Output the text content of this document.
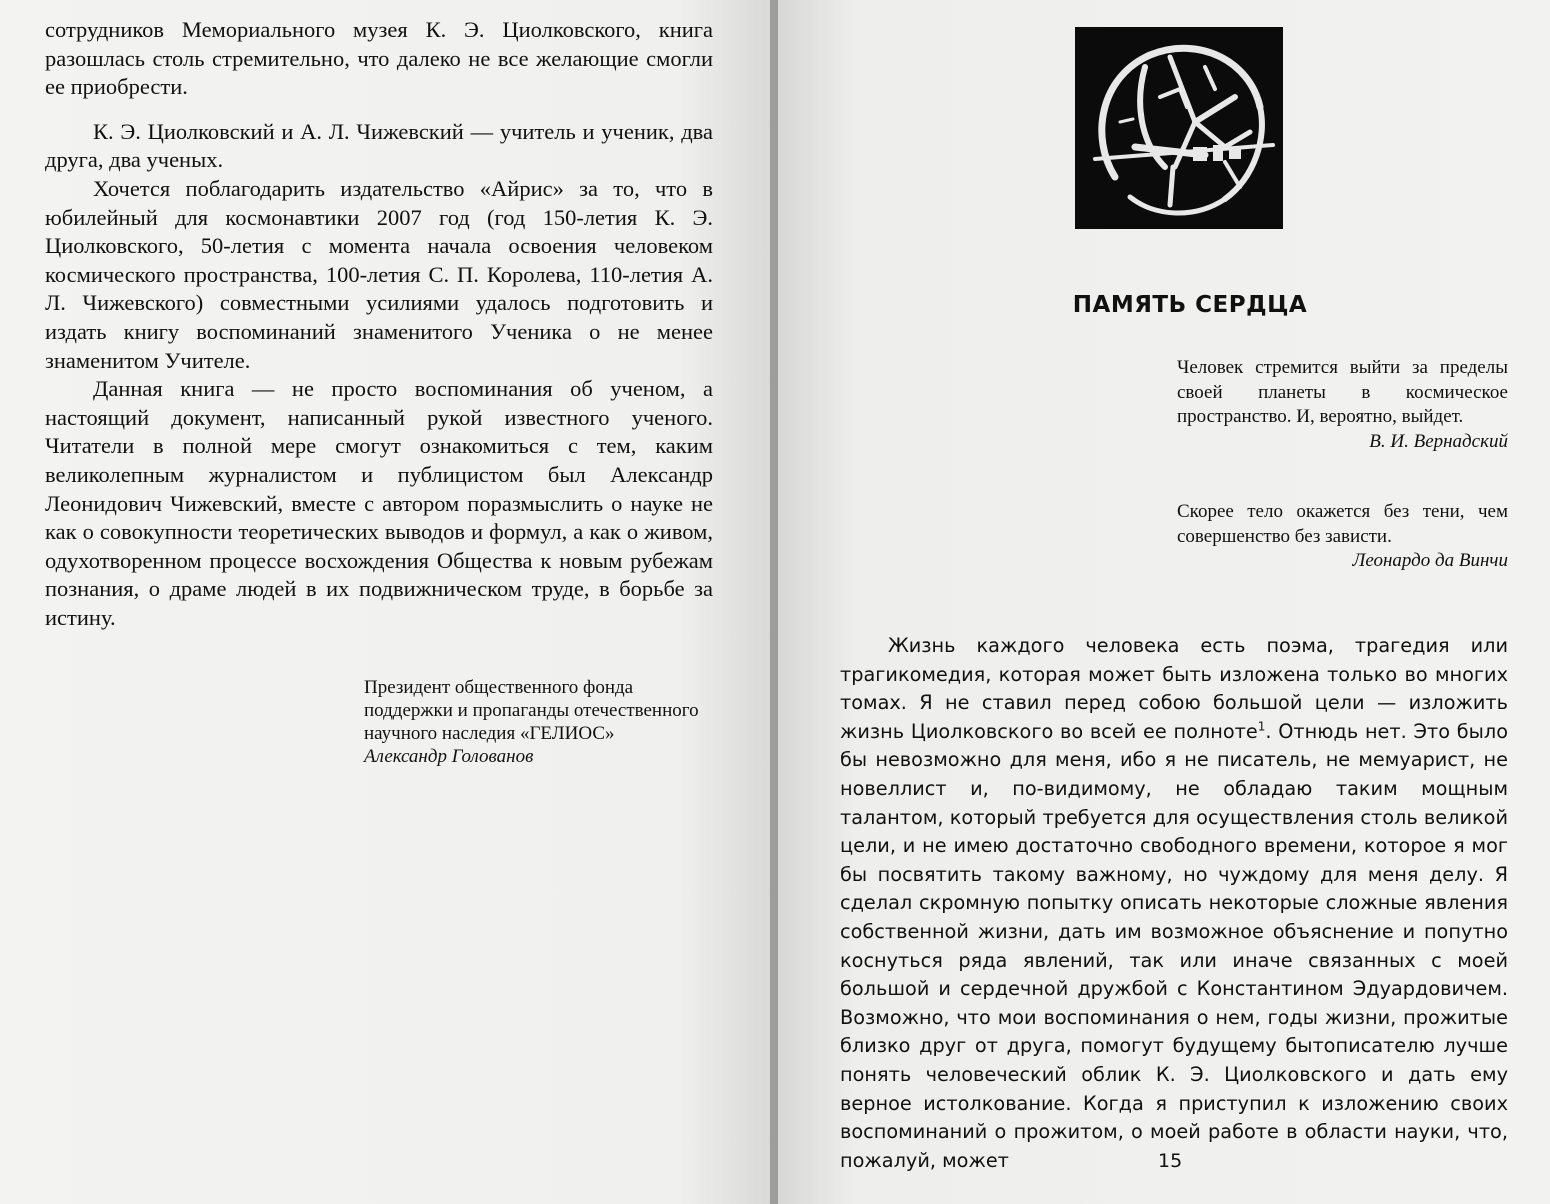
сотрудников Мемориального музея К. Э. Циолковского, книга разошлась столь стремительно, что далеко не все желающие смогли ее приобрести.

К. Э. Циолковский и А. Л. Чижевский — учитель и ученик, два друга, два ученых.

Хочется поблагодарить издательство «Айрис» за то, что в юбилейный для космонавтики 2007 год (год 150-летия К. Э. Циолковского, 50-летия с момента начала освоения человеком космического пространства, 100-летия С. П. Королева, 110-летия А. Л. Чижевского) совместными усилиями удалось подготовить и издать книгу воспоминаний знаменитого Ученика о не менее знаменитом Учителе.

Данная книга — не просто воспоминания об ученом, а настоящий документ, написанный рукой известного ученого. Читатели в полной мере смогут ознакомиться с тем, каким великолепным журналистом и публицистом был Александр Леонидович Чижевский, вместе с автором поразмыслить о науке не как о совокупности теоретических выводов и формул, а как о живом, одухотворенном процессе восхождения Общества к новым рубежам познания, о драме людей в их подвижническом труде, в борьбе за истину.

Президент общественного фонда поддержки и пропаганды отечественного научного наследия «ГЕЛИОС»
Александр Голованов
ПАМЯТЬ СЕРДЦА
Человек стремится выйти за пределы своей планеты в космическое пространство. И, вероятно, выйдет.
В. И. Вернадский
Скорее тело окажется без тени, чем совершенство без зависти.
Леонардо да Винчи

Жизнь каждого человека есть поэма, трагедия или трагикомедия, которая может быть изложена только во многих томах. Я не ставил перед собою большой цели — изложить жизнь Циолковского во всей ее полноте$^1$. Отнюдь нет. Это было бы невозможно для меня, ибо я не писатель, не мемуарист, не новеллист и, по-видимому, не обладаю таким мощным талантом, который требуется для осуществления столь великой цели, и не имею достаточно свободного времени, которое я мог бы посвятить такому важному, но чуждому для меня делу. Я сделал скромную попытку описать некоторые сложные явления собственной жизни, дать им возможное объяснение и попутно коснуться ряда явлений, так или иначе связанных с моей большой и сердечной дружбой с Константином Эдуардовичем. Возможно, что мои воспоминания о нем, годы жизни, прожитые близко друг от друга, помогут будущему бытописателю лучше понять человеческий облик К. Э. Циолковского и дать ему верное истолкование. Когда я приступил к изложению своих воспоминаний о прожитом, о моей работе в области науки, что, пожалуй, может	15
